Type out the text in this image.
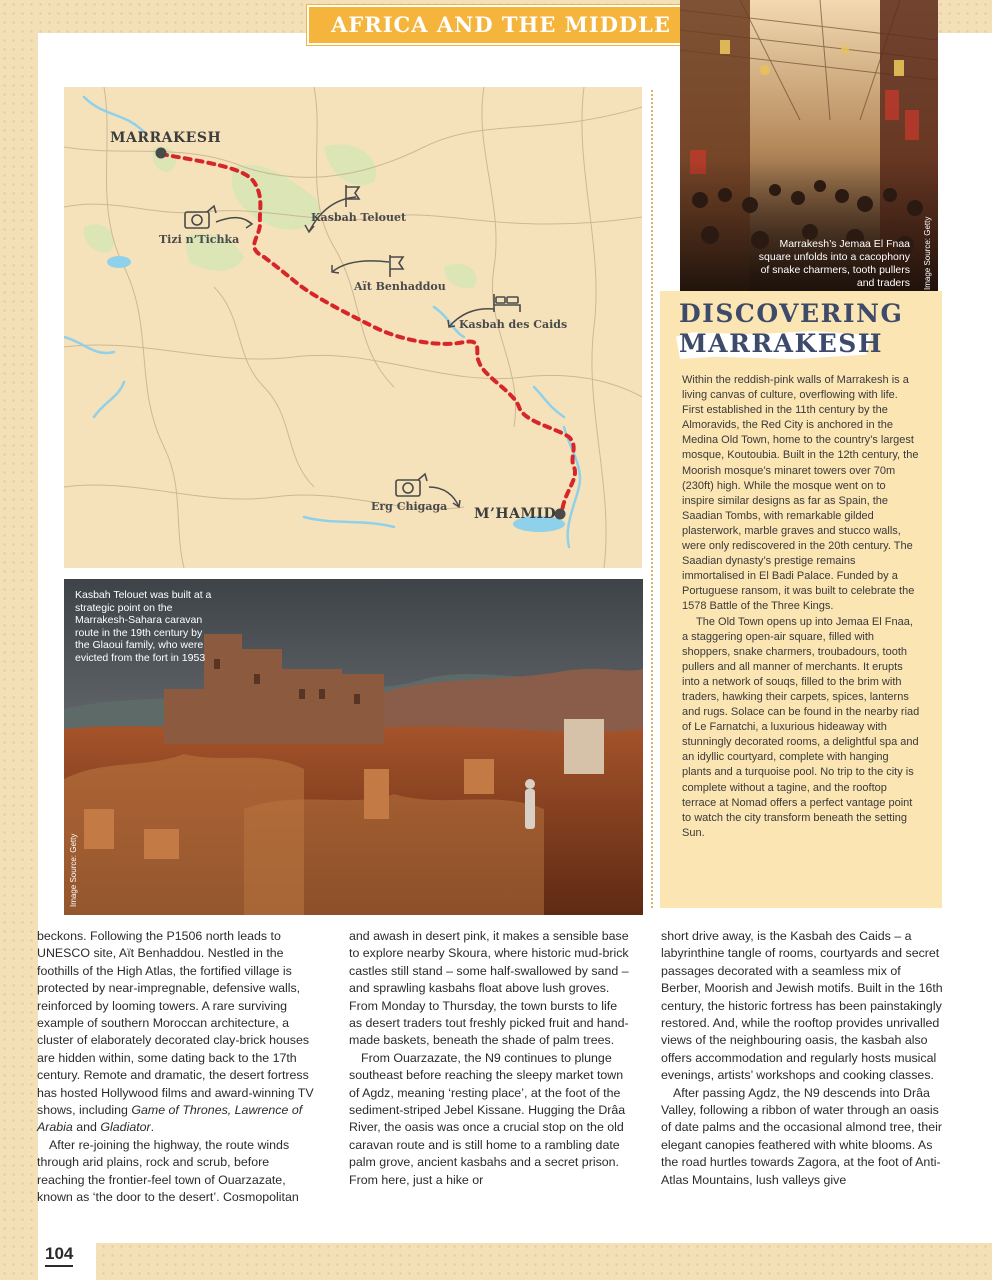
AFRICA AND THE MIDDLE EAST
MARRAKESH
M’HAMID
Tizi n’Tichka
Kasbah Telouet
Aït Benhaddou
Kasbah des Caids
Erg Chigaga
Marrakesh’s Jemaa El Fnaa square unfolds into a cacophony of snake charmers, tooth pullers and traders Image Source: Getty
DISCOVERING
MARRAKESH

Within the reddish-pink walls of Marrakesh is a living canvas of culture, overflowing with life. First established in the 11th century by the Almoravids, the Red City is anchored in the Medina Old Town, home to the country’s largest mosque, Koutoubia. Built in the 12th century, the Moorish mosque’s minaret towers over 70m (230ft) high. While the mosque went on to inspire similar designs as far as Spain, the Saadian Tombs, with remarkable gilded plasterwork, marble graves and stucco walls, were only rediscovered in the 20th century. The Saadian dynasty’s prestige remains immortalised in El Badi Palace. Funded by a Portuguese ransom, it was built to celebrate the 1578 Battle of the Three Kings.

The Old Town opens up into Jemaa El Fnaa, a staggering open-air square, filled with shoppers, snake charmers, troubadours, tooth pullers and all manner of merchants. It erupts into a network of souqs, filled to the brim with traders, hawking their carpets, spices, lanterns and rugs. Solace can be found in the nearby riad of Le Farnatchi, a luxurious hideaway with stunningly decorated rooms, a delightful spa and an idyllic courtyard, complete with hanging plants and a turquoise pool. No trip to the city is complete without a tagine, and the rooftop terrace at Nomad offers a perfect vantage point to watch the city transform beneath the setting Sun.

Kasbah Telouet was built at a strategic point on the Marrakesh-Sahara caravan route in the 19th century by the Glaoui family, who were evicted from the fort in 1953
Image Source: Getty

beckons. Following the P1506 north leads to UNESCO site, Aït Benhaddou. Nestled in the foothills of the High Atlas, the fortified village is protected by near-impregnable, defensive walls, reinforced by looming towers. A rare surviving example of southern Moroccan architecture, a cluster of elaborately decorated clay-brick houses are hidden within, some dating back to the 17th century. Remote and dramatic, the desert fortress has hosted Hollywood films and award-winning TV shows, including Game of Thrones, Lawrence of Arabia and Gladiator.

After re-joining the highway, the route winds through arid plains, rock and scrub, before reaching the frontier-feel town of Ouarzazate, known as ‘the door to the desert’. Cosmopolitan

and awash in desert pink, it makes a sensible base to explore nearby Skoura, where historic mud-brick castles still stand – some half-swallowed by sand – and sprawling kasbahs float above lush groves. From Monday to Thursday, the town bursts to life as desert traders tout freshly picked fruit and hand-made baskets, beneath the shade of palm trees.

From Ouarzazate, the N9 continues to plunge southeast before reaching the sleepy market town of Agdz, meaning ‘resting place’, at the foot of the sediment-striped Jebel Kissane. Hugging the Drâa River, the oasis was once a crucial stop on the old caravan route and is still home to a rambling date palm grove, ancient kasbahs and a secret prison. From here, just a hike or

short drive away, is the Kasbah des Caids – a labyrinthine tangle of rooms, courtyards and secret passages decorated with a seamless mix of Berber, Moorish and Jewish motifs. Built in the 16th century, the historic fortress has been painstakingly restored. And, while the rooftop provides unrivalled views of the neighbouring oasis, the kasbah also offers accommodation and regularly hosts musical evenings, artists’ workshops and cooking classes.

After passing Agdz, the N9 descends into Drâa Valley, following a ribbon of water through an oasis of date palms and the occasional almond tree, their elegant canopies feathered with white blooms. As the road hurtles towards Zagora, at the foot of Anti-Atlas Mountains, lush valleys give

104
